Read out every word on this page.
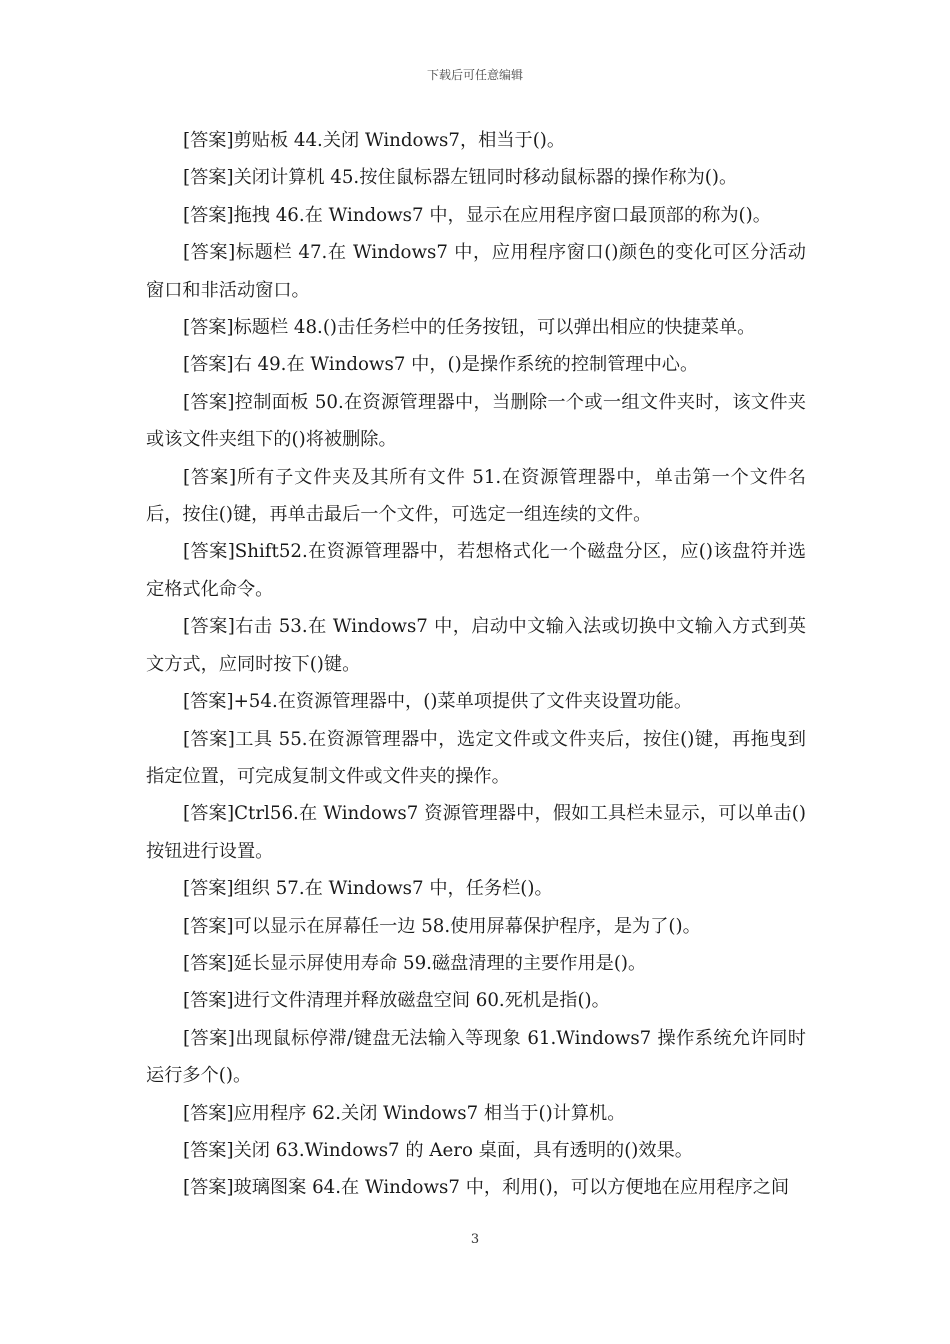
下载后可任意编辑

[答案]剪贴板 44.关闭 Windows7，相当于()。

[答案]关闭计算机 45.按住鼠标器左钮同时移动鼠标器的操作称为()。

[答案]拖拽 46.在 Windows7 中，显示在应用程序窗口最顶部的称为()。

[答案]标题栏 47.在 Windows7 中，应用程序窗口()颜色的变化可区分活动窗口和非活动窗口。

[答案]标题栏 48.()击任务栏中的任务按钮，可以弹出相应的快捷菜单。

[答案]右 49.在 Windows7 中，()是操作系统的控制管理中心。

[答案]控制面板 50.在资源管理器中，当删除一个或一组文件夹时，该文件夹或该文件夹组下的()将被删除。

[答案]所有子文件夹及其所有文件 51.在资源管理器中，单击第一个文件名后，按住()键，再单击最后一个文件，可选定一组连续的文件。

[答案]Shift52.在资源管理器中，若想格式化一个磁盘分区，应()该盘符并选定格式化命令。

[答案]右击 53.在 Windows7 中，启动中文输入法或切换中文输入方式到英文方式，应同时按下()键。

[答案]+54.在资源管理器中，()菜单项提供了文件夹设置功能。

[答案]工具 55.在资源管理器中，选定文件或文件夹后，按住()键，再拖曳到指定位置，可完成复制文件或文件夹的操作。

[答案]Ctrl56.在 Windows7 资源管理器中，假如工具栏未显示，可以单击()按钮进行设置。

[答案]组织 57.在 Windows7 中，任务栏()。

[答案]可以显示在屏幕任一边 58.使用屏幕保护程序，是为了()。

[答案]延长显示屏使用寿命 59.磁盘清理的主要作用是()。

[答案]进行文件清理并释放磁盘空间 60.死机是指()。

[答案]出现鼠标停滞/键盘无法输入等现象 61.Windows7 操作系统允许同时运行多个()。

[答案]应用程序 62.关闭 Windows7 相当于()计算机。

[答案]关闭 63.Windows7 的 Aero 桌面，具有透明的()效果。

[答案]玻璃图案 64.在 Windows7 中，利用()，可以方便地在应用程序之间

3
